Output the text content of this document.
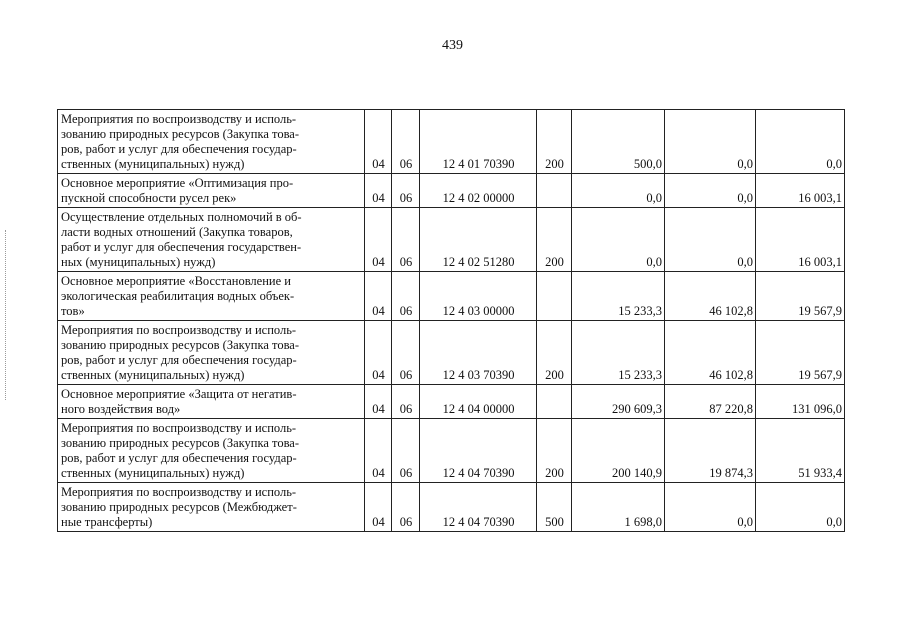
439
Мероприятия по воспроизводству и исполь-
зованию природных ресурсов (Закупка това-
ров, работ и услуг для обеспечения государ-
ственных (муниципальных) нужд)	04	06	12 4 01 70390	200	500,0	0,0	0,0
Основное мероприятие «Оптимизация про-
пускной способности русел рек»	04	06	12 4 02 00000		0,0	0,0	16 003,1
Осуществление отдельных полномочий в об-
ласти водных отношений (Закупка товаров,
работ и услуг для обеспечения государствен-
ных (муниципальных) нужд)	04	06	12 4 02 51280	200	0,0	0,0	16 003,1
Основное мероприятие «Восстановление и
экологическая реабилитация водных объек-
тов»	04	06	12 4 03 00000		15 233,3	46 102,8	19 567,9
Мероприятия по воспроизводству и исполь-
зованию природных ресурсов (Закупка това-
ров, работ и услуг для обеспечения государ-
ственных (муниципальных) нужд)	04	06	12 4 03 70390	200	15 233,3	46 102,8	19 567,9
Основное мероприятие «Защита от негатив-
ного воздействия вод»	04	06	12 4 04 00000		290 609,3	87 220,8	131 096,0
Мероприятия по воспроизводству и исполь-
зованию природных ресурсов (Закупка това-
ров, работ и услуг для обеспечения государ-
ственных (муниципальных) нужд)	04	06	12 4 04 70390	200	200 140,9	19 874,3	51 933,4
Мероприятия по воспроизводству и исполь-
зованию природных ресурсов (Межбюджет-
ные трансферты)	04	06	12 4 04 70390	500	1 698,0	0,0	0,0
